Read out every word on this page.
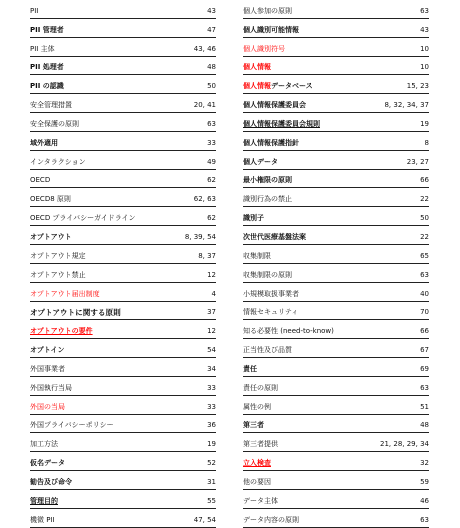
PII	43
PII 管理者	47
PII 主体	43, 46
PII 処理者	48
PII の認識	50
安全管理措置	20, 41
安全保護の原則	63
域外適用	33
インタラクション	49
OECD	62
OECD8 原則	62, 63
OECD プライバシーガイドライン	62
オプトアウト	8, 39, 54
オプトアウト規定	8, 37
オプトアウト禁止	12
オプトアウト届出制度	4
オプトアウトに関する原則	37
オプトアウトの要件	12
オプトイン	54
外国事業者	34
外国執行当局	33
外国の当局	33
外国プライバシーポリシー	36
加工方法	19
仮名データ	52
勧告及び命令	31
管理目的	55
機微 PII	47, 54
個人参加の原則	63
個人識別可能情報	43
個人識別符号	10
個人情報	10
個人情報データベース	15, 23
個人情報保護委員会	8, 32, 34, 37
個人情報保護委員会規則	19
個人情報保護指針	8
個人データ	23, 27
最小権限の原則	66
識別行為の禁止	22
識別子	50
次世代医療基盤法案	22
収集制限	65
収集制限の原則	63
小規模取扱事業者	40
情報セキュリティ	70
知る必要性 (need-to-know)	66
正当性及び品質	67
責任	69
責任の原則	63
属性の例	51
第三者	48
第三者提供	21, 28, 29, 34
立入検査	32
他の要因	59
データ主体	46
データ内容の原則	63
